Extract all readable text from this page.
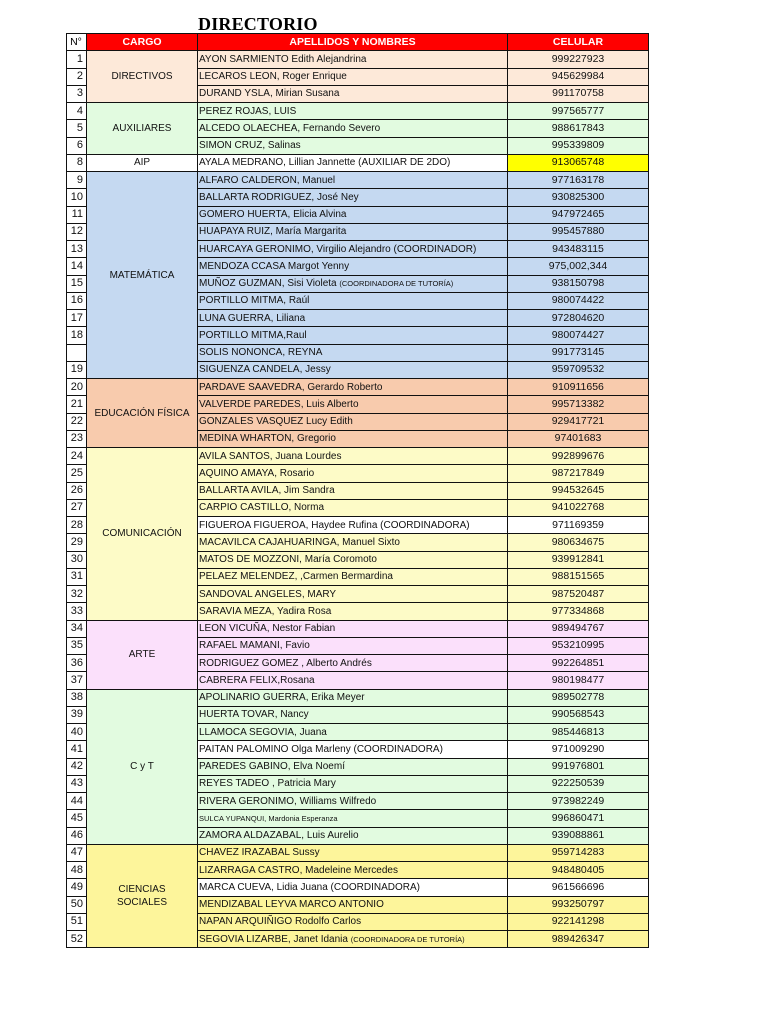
DIRECTORIO
N°	CARGO	APELLIDOS Y NOMBRES	CELULAR
1	DIRECTIVOS	AYON SARMIENTO Edith Alejandrina	999227923
2		LECAROS LEON, Roger Enrique	945629984
3		DURAND YSLA, Mirian Susana	991170758
4	AUXILIARES	PEREZ ROJAS, LUIS	997565777
5		ALCEDO OLAECHEA, Fernando Severo	988617843
6		SIMON CRUZ, Salinas	995339809
8	AIP	AYALA MEDRANO, Lillian Jannette (AUXILIAR DE 2DO)	913065748
9	MATEMÁTICA	ALFARO CALDERON, Manuel	977163178
10		BALLARTA RODRIGUEZ, José Ney	930825300
11		GOMERO HUERTA, Elicia Alvina	947972465
12		HUAPAYA RUIZ, María Margarita	995457880
13		HUARCAYA GERONIMO, Virgilio Alejandro (COORDINADOR)	943483115
14		MENDOZA CCASA Margot Yenny	975,002,344
15		MUÑOZ GUZMAN, Sisi Violeta (COORDINADORA DE TUTORÍA)	938150798
16		PORTILLO MITMA, Raúl	980074422
17		LUNA GUERRA, Liliana	972804620
18		PORTILLO MITMA,Raul	980074427
		SOLIS NONONCA, REYNA	991773145
19		SIGUENZA CANDELA, Jessy	959709532
20	EDUCACIÓN FÍSICA	PARDAVE SAAVEDRA, Gerardo Roberto	910911656
21		VALVERDE PAREDES, Luis Alberto	995713382
22		GONZALES VASQUEZ Lucy Edith	929417721
23		MEDINA WHARTON, Gregorio	97401683
24	COMUNICACIÓN	AVILA SANTOS, Juana Lourdes	992899676
25		AQUINO AMAYA, Rosario	987217849
26		BALLARTA AVILA, Jim Sandra	994532645
27		CARPIO CASTILLO, Norma	941022768
28		FIGUEROA FIGUEROA, Haydee Rufina (COORDINADORA)	971169359
29		MACAVILCA CAJAHUARINGA, Manuel Sixto	980634675
30		MATOS DE MOZZONI, María Coromoto	939912841
31		PELAEZ MELENDEZ, ,Carmen Bermardina	988151565
32		SANDOVAL ANGELES, MARY	987520487
33		SARAVIA MEZA, Yadira Rosa	977334868
34	ARTE	LEON VICUÑA, Nestor Fabian	989494767
35		RAFAEL MAMANI, Favio	953210995
36		RODRIGUEZ GOMEZ , Alberto Andrés	992264851
37		CABRERA FELIX,Rosana	980198477
38	C y T	APOLINARIO GUERRA, Erika Meyer	989502778
39		HUERTA TOVAR, Nancy	990568543
40		LLAMOCA SEGOVIA, Juana	985446813
41		PAITAN PALOMINO Olga Marleny (COORDINADORA)	971009290
42		PAREDES GABINO, Elva Noemí	991976801
43		REYES TADEO , Patricia Mary	922250539
44		RIVERA GERONIMO, Williams Wilfredo	973982249
45		SULCA YUPANQUI, Mardonia Esperanza	996860471
46		ZAMORA ALDAZABAL, Luis Aurelio	939088861
47	CIENCIAS SOCIALES	CHAVEZ IRAZABAL Sussy	959714283
48		LIZARRAGA CASTRO, Madeleine Mercedes	948480405
49		MARCA CUEVA, Lidia Juana (COORDINADORA)	961566696
50		MENDIZABAL LEYVA MARCO ANTONIO	993250797
51		NAPAN ARQUIÑIGO Rodolfo Carlos	922141298
52		SEGOVIA LIZARBE, Janet Idania (COORDINADORA DE TUTORÍA)	989426347
